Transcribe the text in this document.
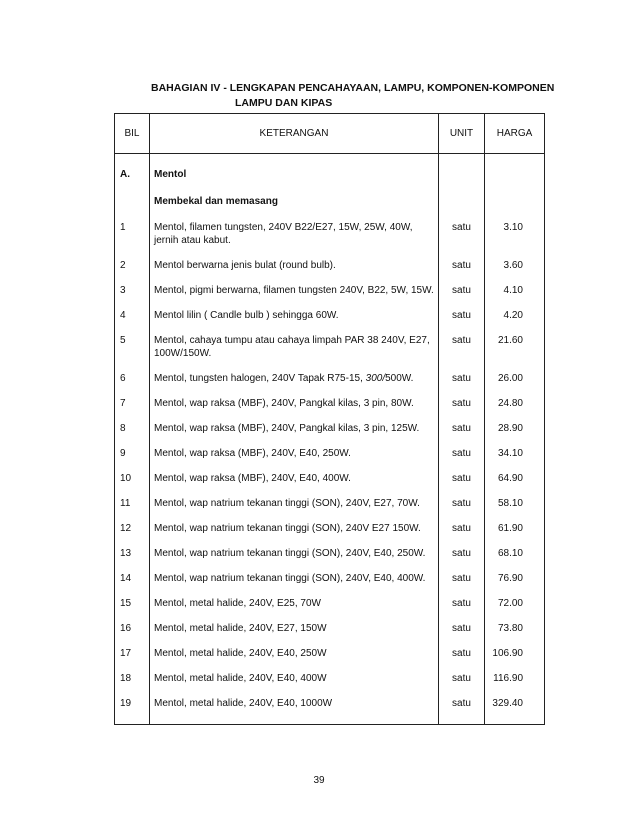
BAHAGIAN IV - LENGKAPAN PENCAHAYAAN, LAMPU, KOMPONEN-KOMPONEN
LAMPU DAN KIPAS
BIL	KETERANGAN	UNIT	HARGA

A.	Mentol		

	Membekal dan memasang		

1	Mentol, filamen tungsten, 240V B22/E27, 15W, 25W, 40W, jernih atau kabut.	satu	3.10

2	Mentol berwarna jenis bulat (round bulb).	satu	3.60

3	Mentol, pigmi berwarna, filamen tungsten 240V, B22, 5W, 15W.	satu	4.10

4	Mentol lilin ( Candle bulb ) sehingga 60W.	satu	4.20

5	Mentol, cahaya tumpu atau cahaya limpah PAR 38 240V, E27, 100W/150W.	satu	21.60

6	Mentol, tungsten halogen, 240V Tapak R75-15, 300/500W.	satu	26.00

7	Mentol, wap raksa (MBF), 240V, Pangkal kilas, 3 pin, 80W.	satu	24.80

8	Mentol, wap raksa (MBF), 240V, Pangkal kilas, 3 pin, 125W.	satu	28.90

9	Mentol, wap raksa (MBF), 240V, E40, 250W.	satu	34.10

10	Mentol, wap raksa (MBF), 240V, E40, 400W.	satu	64.90

11	Mentol, wap natrium tekanan tinggi (SON), 240V, E27, 70W.	satu	58.10

12	Mentol, wap natrium tekanan tinggi (SON), 240V E27 150W.	satu	61.90

13	Mentol, wap natrium tekanan tinggi (SON), 240V, E40, 250W.	satu	68.10

14	Mentol, wap natrium tekanan tinggi (SON), 240V, E40, 400W.	satu	76.90

15	Mentol, metal halide, 240V, E25, 70W	satu	72.00

16	Mentol, metal halide, 240V, E27, 150W	satu	73.80

17	Mentol, metal halide, 240V, E40, 250W	satu	106.90

18	Mentol, metal halide, 240V, E40, 400W	satu	116.90

19	Mentol, metal halide, 240V, E40, 1000W	satu	329.40

39
